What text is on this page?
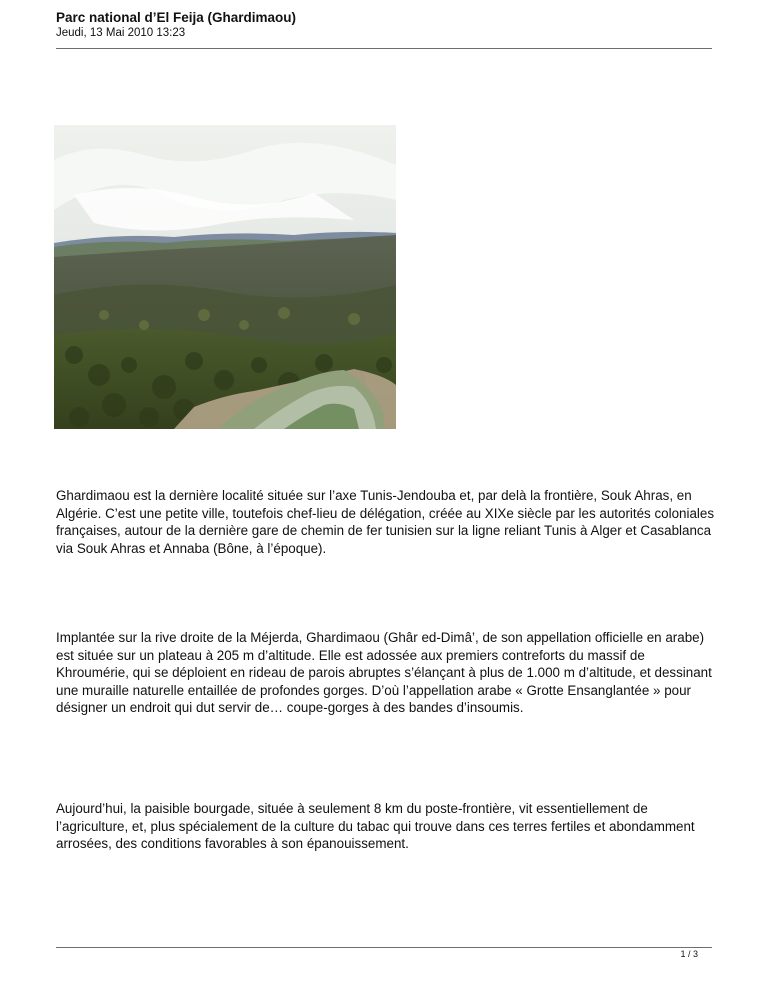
Parc national d’El Feija (Ghardimaou)

Jeudi, 13 Mai 2010 13:23

Ghardimaou est la dernière localité située sur l’axe Tunis-Jendouba et, par delà la frontière, Souk Ahras, en Algérie. C’est une petite ville, toutefois chef-lieu de délégation, créée au XIXe siècle par les autorités coloniales françaises, autour de la dernière gare de chemin de fer tunisien sur la ligne reliant Tunis à Alger et Casablanca via Souk Ahras et Annaba (Bône, à l’époque).

Implantée sur la rive droite de la Méjerda, Ghardimaou (Ghâr ed-Dimâ’, de son appellation officielle en arabe) est située sur un plateau à 205 m d’altitude. Elle est adossée aux premiers contreforts du massif de Khroumérie, qui se déploient en rideau de parois abruptes s’élançant à plus de 1.000 m d’altitude, et dessinant une muraille naturelle entaillée de profondes gorges. D’où l’appellation arabe « Grotte Ensanglantée » pour désigner un endroit qui dut servir de… coupe-gorges à des bandes d’insoumis.

Aujourd’hui, la paisible bourgade, située à seulement 8 km du poste-frontière, vit essentiellement de l’agriculture, et, plus spécialement de la culture du tabac qui trouve dans ces terres fertiles et abondamment arrosées, des conditions favorables à son épanouissement.

1 / 3
